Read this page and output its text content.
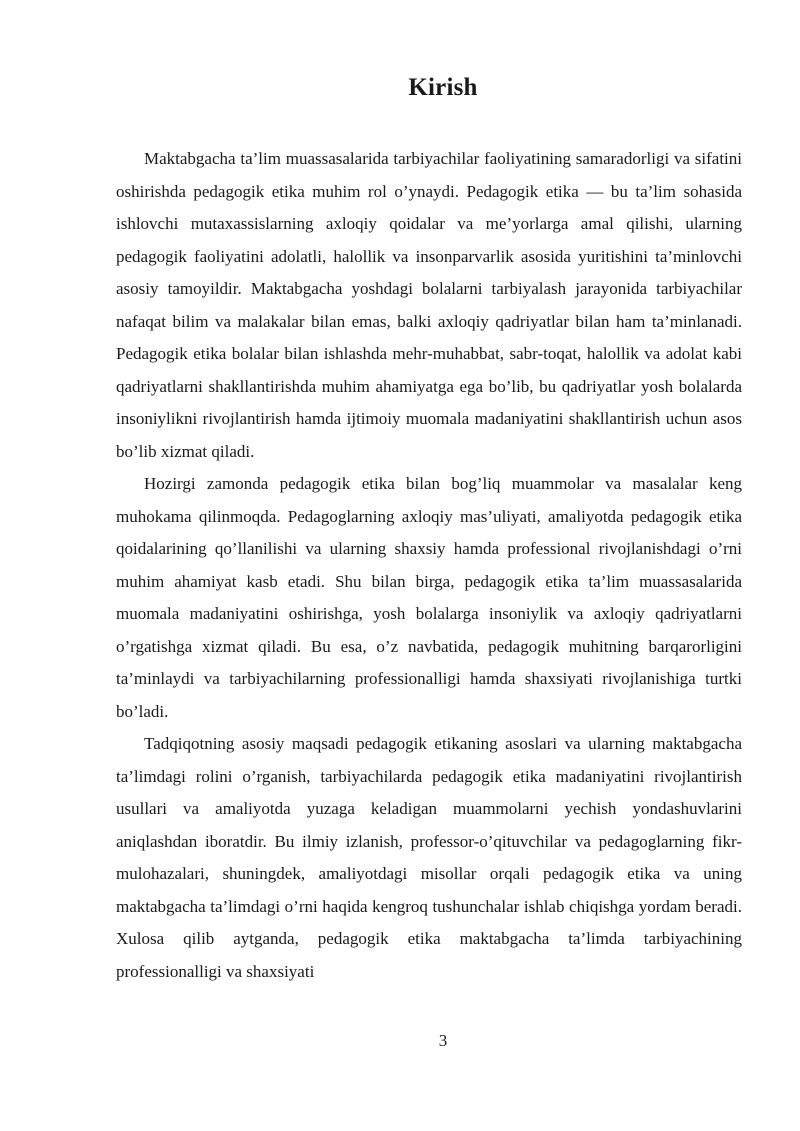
Kirish

Maktabgacha ta’lim muassasalarida tarbiyachilar faoliyatining samaradorligi va sifatini oshirishda pedagogik etika muhim rol o’ynaydi. Pedagogik etika — bu ta’lim sohasida ishlovchi mutaxassislarning axloqiy qoidalar va me’yorlarga amal qilishi, ularning pedagogik faoliyatini adolatli, halollik va insonparvarlik asosida yuritishini ta’minlovchi asosiy tamoyildir. Maktabgacha yoshdagi bolalarni tarbiyalash jarayonida tarbiyachilar nafaqat bilim va malakalar bilan emas, balki axloqiy qadriyatlar bilan ham ta’minlanadi. Pedagogik etika bolalar bilan ishlashda mehr-muhabbat, sabr-toqat, halollik va adolat kabi qadriyatlarni shakllantirishda muhim ahamiyatga ega bo’lib, bu qadriyatlar yosh bolalarda insoniylikni rivojlantirish hamda ijtimoiy muomala madaniyatini shakllantirish uchun asos bo’lib xizmat qiladi.

Hozirgi zamonda pedagogik etika bilan bog’liq muammolar va masalalar keng muhokama qilinmoqda. Pedagoglarning axloqiy mas’uliyati, amaliyotda pedagogik etika qoidalarining qo’llanilishi va ularning shaxsiy hamda professional rivojlanishdagi o’rni muhim ahamiyat kasb etadi. Shu bilan birga, pedagogik etika ta’lim muassasalarida muomala madaniyatini oshirishga, yosh bolalarga insoniylik va axloqiy qadriyatlarni o’rgatishga xizmat qiladi. Bu esa, o’z navbatida, pedagogik muhitning barqarorligini ta’minlaydi va tarbiyachilarning professionalligi hamda shaxsiyati rivojlanishiga turtki bo’ladi.

Tadqiqotning asosiy maqsadi pedagogik etikaning asoslari va ularning maktabgacha ta’limdagi rolini o’rganish, tarbiyachilarda pedagogik etika madaniyatini rivojlantirish usullari va amaliyotda yuzaga keladigan muammolarni yechish yondashuvlarini aniqlashdan iboratdir. Bu ilmiy izlanish, professor-o’qituvchilar va pedagoglarning fikr-mulohazalari, shuningdek, amaliyotdagi misollar orqali pedagogik etika va uning maktabgacha ta’limdagi o’rni haqida kengroq tushunchalar ishlab chiqishga yordam beradi. Xulosa qilib aytganda, pedagogik etika maktabgacha ta’limda tarbiyachining professionalligi va shaxsiyati

3
